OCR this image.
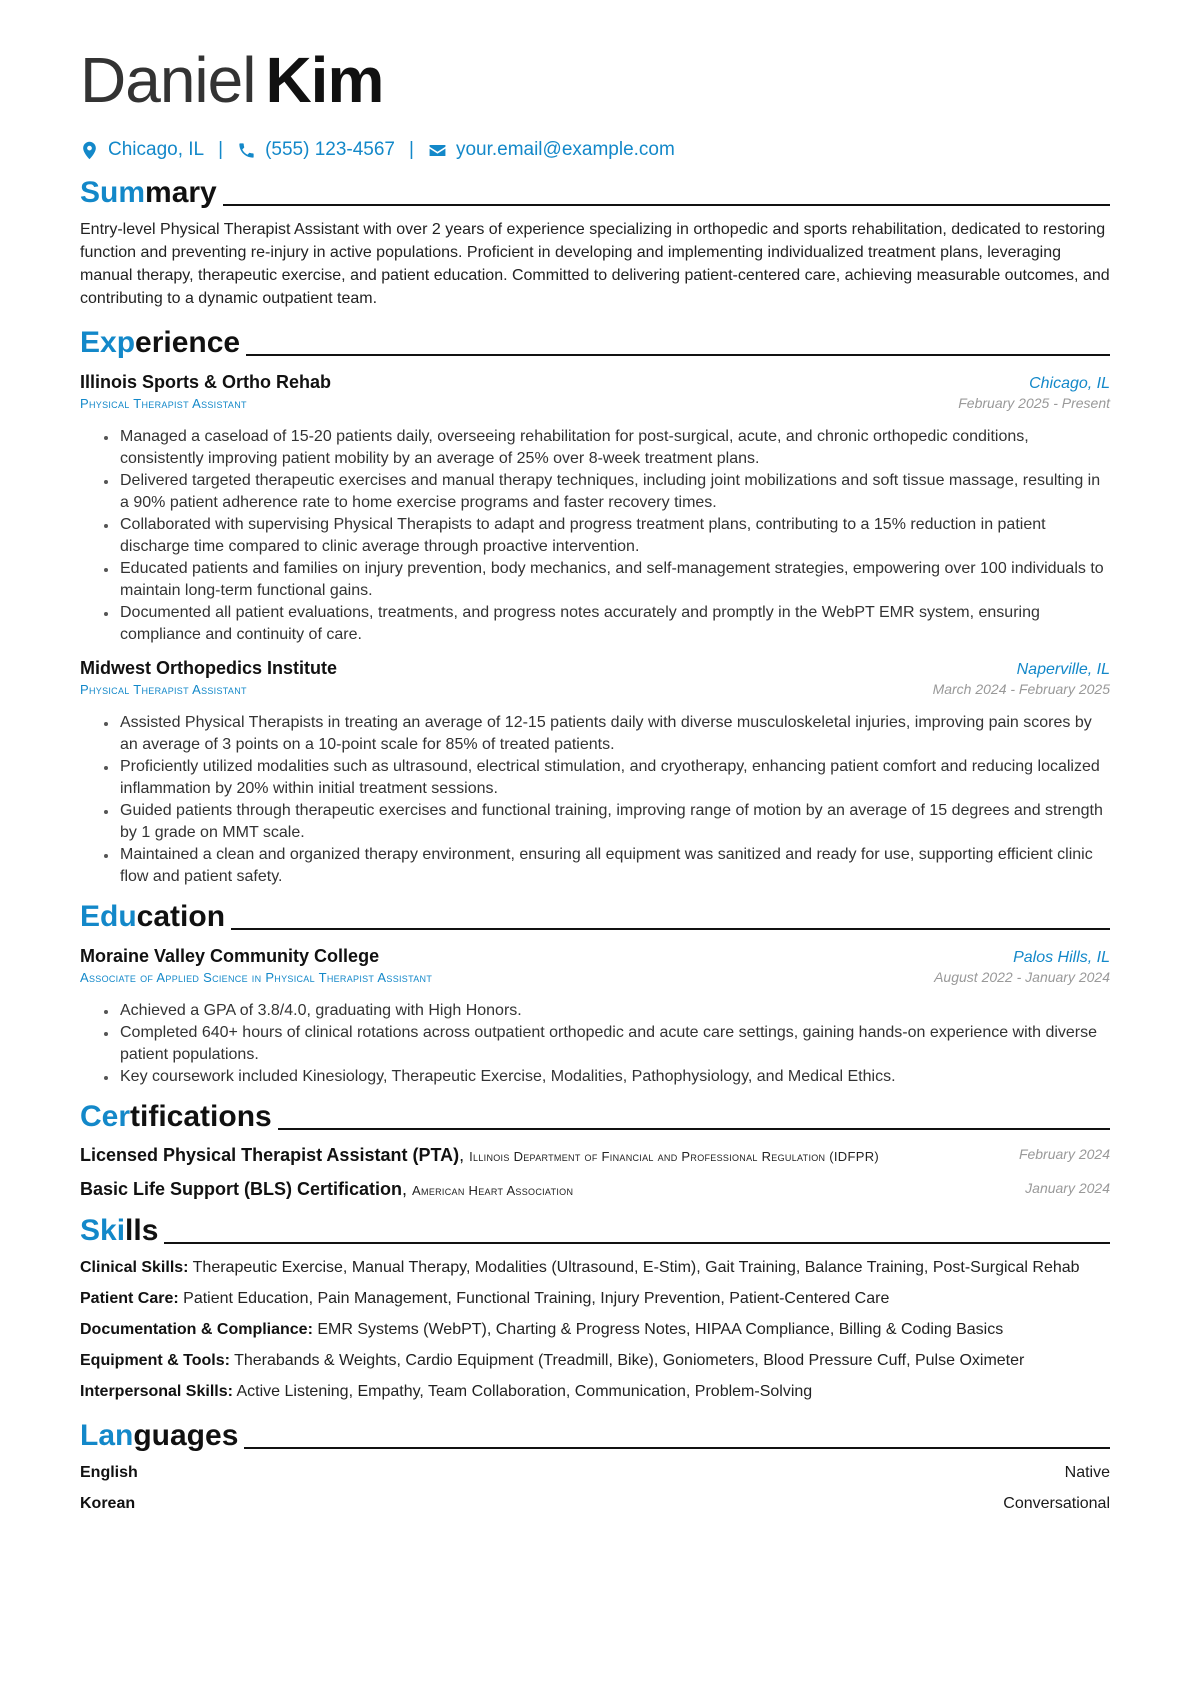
Daniel Kim
Chicago, IL | (555) 123-4567 | your.email@example.com
Summary

Entry-level Physical Therapist Assistant with over 2 years of experience specializing in orthopedic and sports rehabilitation, dedicated to restoring function and preventing re-injury in active populations. Proficient in developing and implementing individualized treatment plans, leveraging manual therapy, therapeutic exercise, and patient education. Committed to delivering patient-centered care, achieving measurable outcomes, and contributing to a dynamic outpatient team.

Experience
Illinois Sports & Ortho Rehab	Chicago, IL
Physical Therapist Assistant	February 2025 - Present
• Managed a caseload of 15-20 patients daily, overseeing rehabilitation for post-surgical, acute, and chronic orthopedic conditions, consistently improving patient mobility by an average of 25% over 8-week treatment plans.
• Delivered targeted therapeutic exercises and manual therapy techniques, including joint mobilizations and soft tissue massage, resulting in a 90% patient adherence rate to home exercise programs and faster recovery times.
• Collaborated with supervising Physical Therapists to adapt and progress treatment plans, contributing to a 15% reduction in patient discharge time compared to clinic average through proactive intervention.
• Educated patients and families on injury prevention, body mechanics, and self-management strategies, empowering over 100 individuals to maintain long-term functional gains.
• Documented all patient evaluations, treatments, and progress notes accurately and promptly in the WebPT EMR system, ensuring compliance and continuity of care.
Midwest Orthopedics Institute	Naperville, IL
Physical Therapist Assistant	March 2024 - February 2025
• Assisted Physical Therapists in treating an average of 12-15 patients daily with diverse musculoskeletal injuries, improving pain scores by an average of 3 points on a 10-point scale for 85% of treated patients.
• Proficiently utilized modalities such as ultrasound, electrical stimulation, and cryotherapy, enhancing patient comfort and reducing localized inflammation by 20% within initial treatment sessions.
• Guided patients through therapeutic exercises and functional training, improving range of motion by an average of 15 degrees and strength by 1 grade on MMT scale.
• Maintained a clean and organized therapy environment, ensuring all equipment was sanitized and ready for use, supporting efficient clinic flow and patient safety.
Education
Moraine Valley Community College	Palos Hills, IL
Associate of Applied Science in Physical Therapist Assistant	August 2022 - January 2024
• Achieved a GPA of 3.8/4.0, graduating with High Honors.
• Completed 640+ hours of clinical rotations across outpatient orthopedic and acute care settings, gaining hands-on experience with diverse patient populations.
• Key coursework included Kinesiology, Therapeutic Exercise, Modalities, Pathophysiology, and Medical Ethics.
Certifications
Licensed Physical Therapist Assistant (PTA), Illinois Department of Financial and Professional Regulation (IDFPR)	February 2024
Basic Life Support (BLS) Certification, American Heart Association	January 2024
Skills
Clinical Skills: Therapeutic Exercise, Manual Therapy, Modalities (Ultrasound, E-Stim), Gait Training, Balance Training, Post-Surgical Rehab
Patient Care: Patient Education, Pain Management, Functional Training, Injury Prevention, Patient-Centered Care
Documentation & Compliance: EMR Systems (WebPT), Charting & Progress Notes, HIPAA Compliance, Billing & Coding Basics
Equipment & Tools: Therabands & Weights, Cardio Equipment (Treadmill, Bike), Goniometers, Blood Pressure Cuff, Pulse Oximeter
Interpersonal Skills: Active Listening, Empathy, Team Collaboration, Communication, Problem-Solving
Languages
English	Native
Korean	Conversational
